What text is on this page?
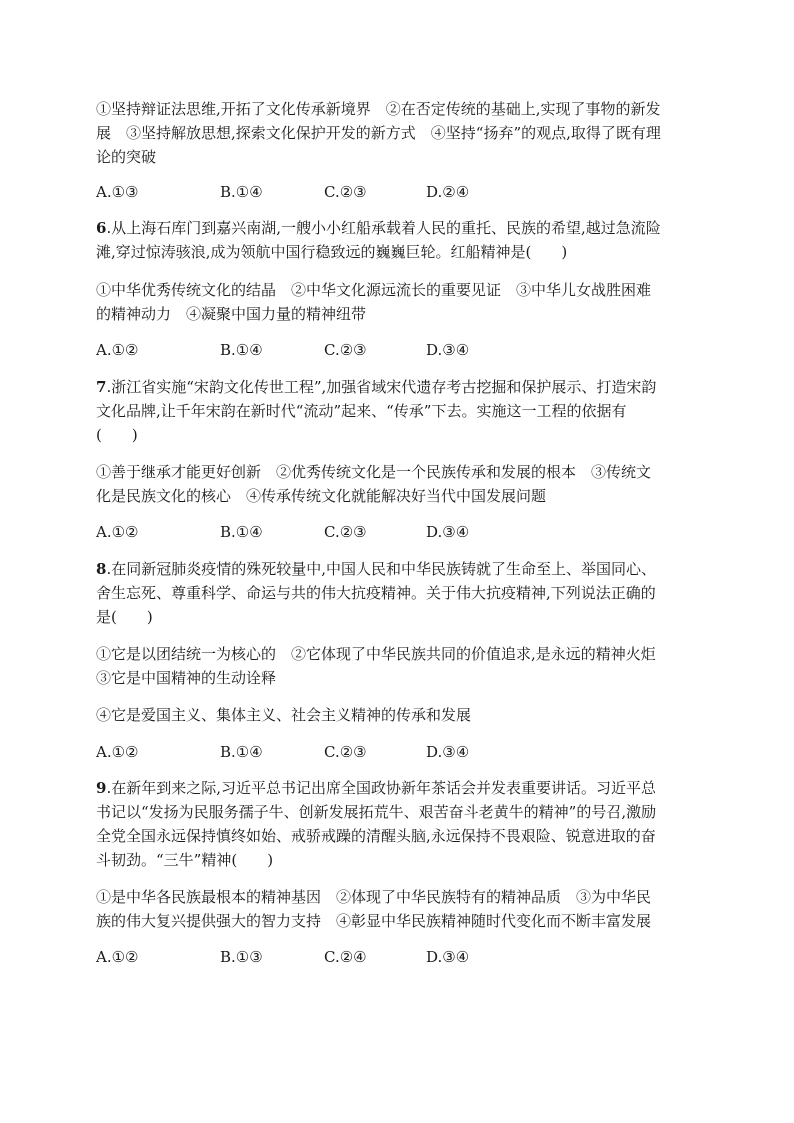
①坚持辩证法思维,开拓了文化传承新境界　②在否定传统的基础上,实现了事物的新发
展　③坚持解放思想,探索文化保护开发的新方式　④坚持“扬弃”的观点,取得了既有理
论的突破
A.①③	B.①④	C.②③	D.②④
6.从上海石库门到嘉兴南湖,一艘小小红船承载着人民的重托、民族的希望,越过急流险
滩,穿过惊涛骇浪,成为领航中国行稳致远的巍巍巨轮。红船精神是(　　)
①中华优秀传统文化的结晶　②中华文化源远流长的重要见证　③中华儿女战胜困难
的精神动力　④凝聚中国力量的精神纽带
A.①②	B.①④	C.②③	D.③④
7.浙江省实施“宋韵文化传世工程”,加强省域宋代遗存考古挖掘和保护展示、打造宋韵
文化品牌,让千年宋韵在新时代“流动”起来、“传承”下去。实施这一工程的依据有
(　　)
①善于继承才能更好创新　②优秀传统文化是一个民族传承和发展的根本　③传统文
化是民族文化的核心　④传承传统文化就能解决好当代中国发展问题
A.①②	B.①④	C.②③	D.③④
8.在同新冠肺炎疫情的殊死较量中,中国人民和中华民族铸就了生命至上、举国同心、
舍生忘死、尊重科学、命运与共的伟大抗疫精神。关于伟大抗疫精神,下列说法正确的
是(　　)
①它是以团结统一为核心的　②它体现了中华民族共同的价值追求,是永远的精神火炬
③它是中国精神的生动诠释
④它是爱国主义、集体主义、社会主义精神的传承和发展
A.①②	B.①④	C.②③	D.③④
9.在新年到来之际,习近平总书记出席全国政协新年茶话会并发表重要讲话。习近平总
书记以“发扬为民服务孺子牛、创新发展拓荒牛、艰苦奋斗老黄牛的精神”的号召,激励
全党全国永远保持慎终如始、戒骄戒躁的清醒头脑,永远保持不畏艰险、锐意进取的奋
斗韧劲。“三牛”精神(　　)
①是中华各民族最根本的精神基因　②体现了中华民族特有的精神品质　③为中华民
族的伟大复兴提供强大的智力支持　④彰显中华民族精神随时代变化而不断丰富发展
A.①②	B.①③	C.②④	D.③④
